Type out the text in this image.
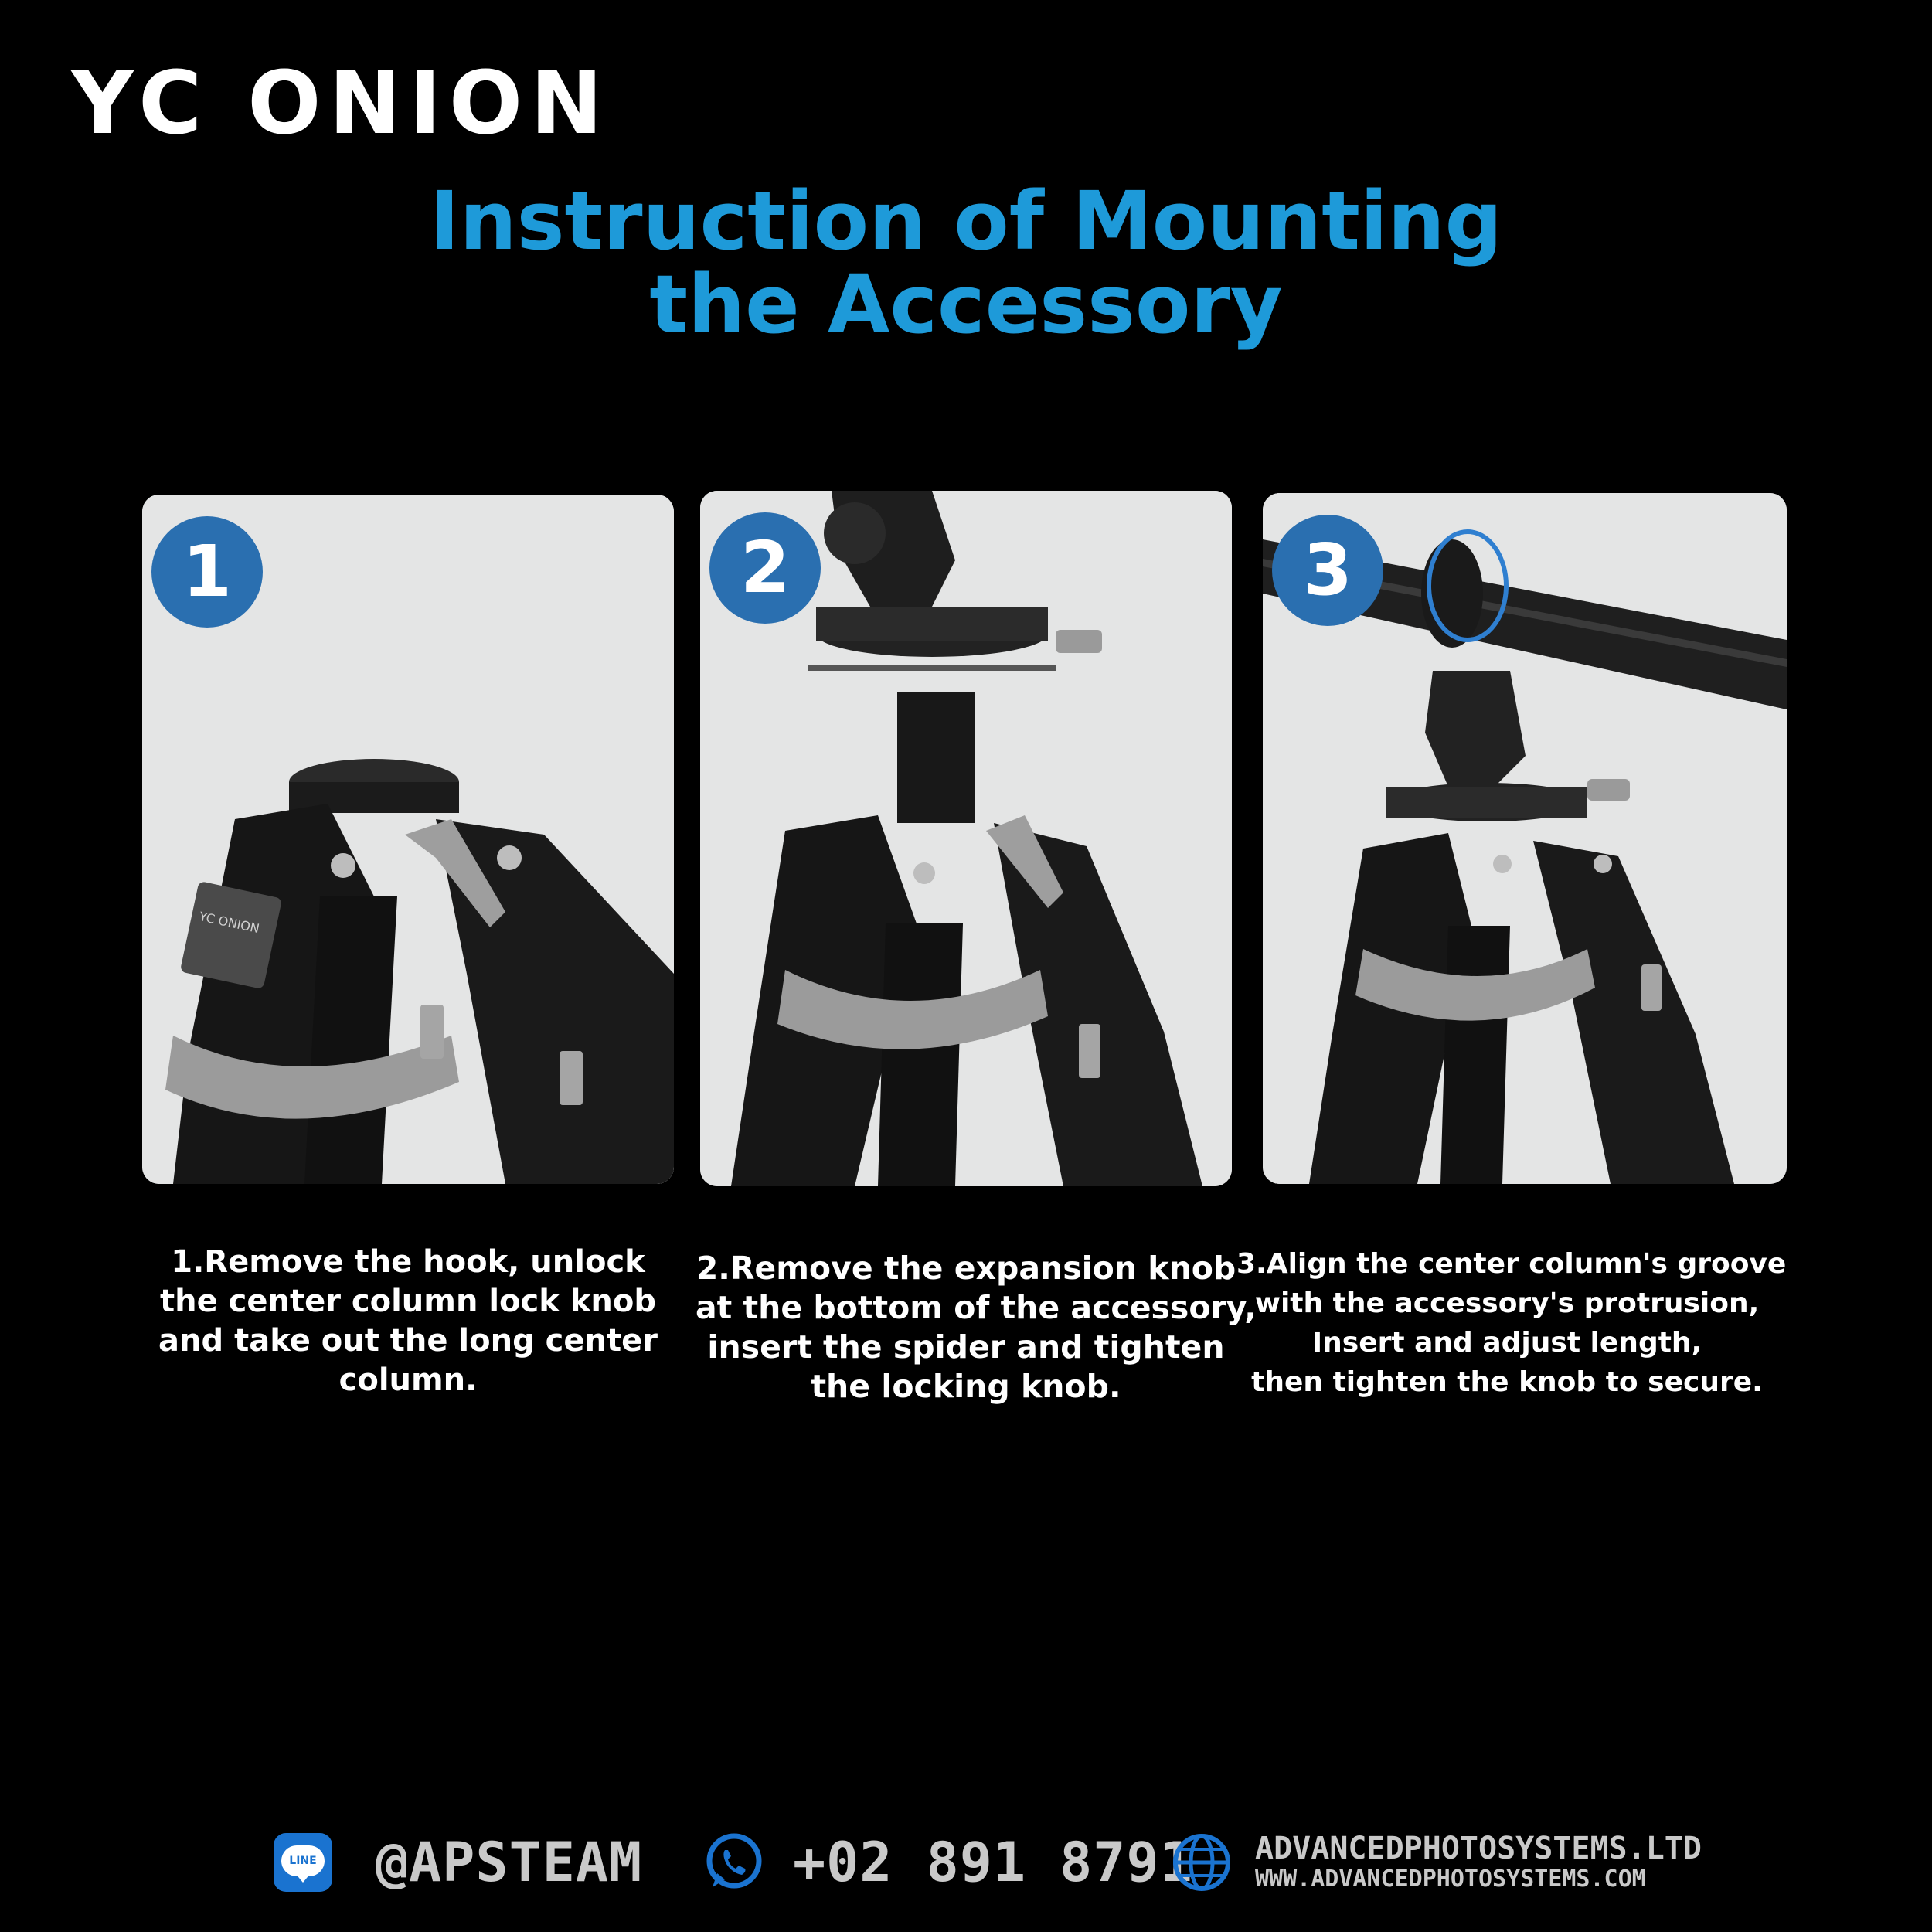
YC ONION
Instruction of Mounting
the Accessory
1
YC ONION
2	3
1.Remove the hook, unlock
the center column lock knob
and take out the long center
column.
2.Remove the expansion knob
at the bottom of the accessory,
insert the spider and tighten
the locking knob.
3.Align the center column's groove
with the accessory's protrusion,
Insert and adjust length,
then tighten the knob to secure.
LINE @APSTEAM	+02 891 8791 ADVANCEDPHOTOSYSTEMS.LTD
WWW.ADVANCEDPHOTOSYSTEMS.COM
